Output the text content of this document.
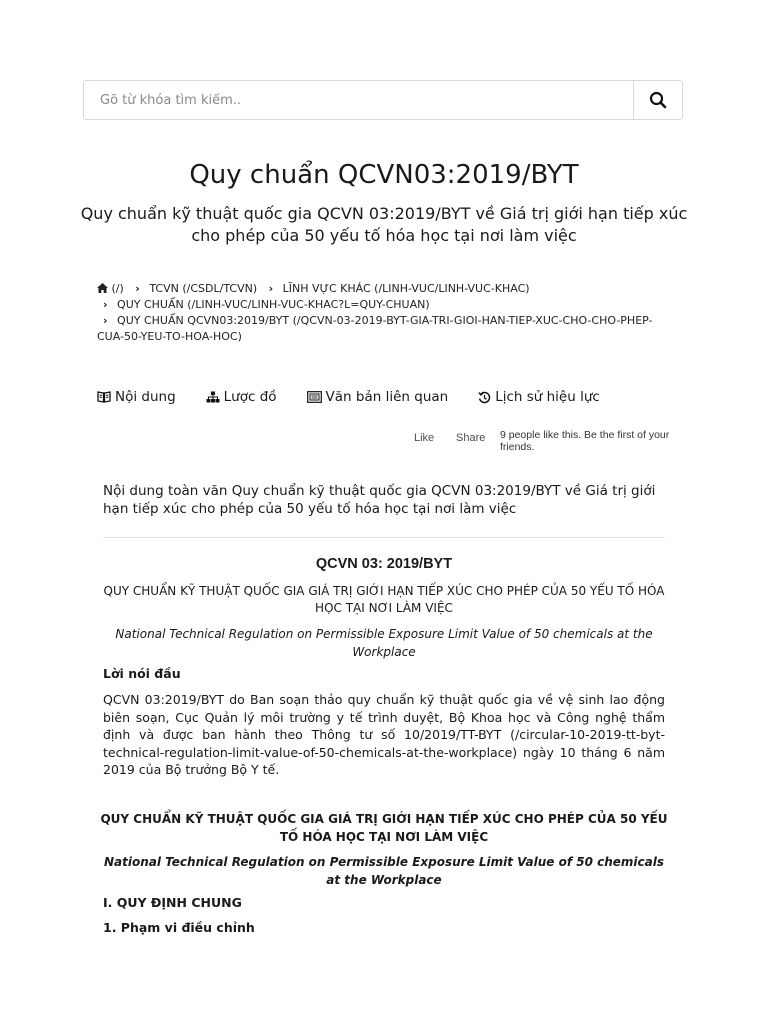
Gõ từ khóa tìm kiếm..
Quy chuẩn QCVN03:2019/BYT
Quy chuẩn kỹ thuật quốc gia QCVN 03:2019/BYT về Giá trị giới hạn tiếp xúc cho phép của 50 yếu tố hóa học tại nơi làm việc
(/) › TCVN (/CSDL/TCVN) › LĨNH VỰC KHÁC (/LINH-VUC/LINH-VUC-KHAC)
› QUY CHUẨN (/LINH-VUC/LINH-VUC-KHAC?L=QUY-CHUAN)
› QUY CHUẨN QCVN03:2019/BYT (/QCVN-03-2019-BYT-GIA-TRI-GIOI-HAN-TIEP-XUC-CHO-CHO-PHEP-CUA-50-YEU-TO-HOA-HOC)
Nội dung	Lược đồ	Văn bản liên quan	Lịch sử hiệu lực
Like Share 9 people like this. Be the first of your friends.
Nội dung toàn văn Quy chuẩn kỹ thuật quốc gia QCVN 03:2019/BYT về Giá trị giới hạn tiếp xúc cho phép của 50 yếu tố hóa học tại nơi làm việc
QCVN 03: 2019/BYT
QUY CHUẨN KỸ THUẬT QUỐC GIA GIÁ TRỊ GIỚI HẠN TIẾP XÚC CHO PHÉP CỦA 50 YẾU TỐ HÓA HỌC TẠI NƠI LÀM VIỆC
National Technical Regulation on Permissible Exposure Limit Value of 50 chemicals at the Workplace
Lời nói đầu
QCVN 03:2019/BYT do Ban soạn thảo quy chuẩn kỹ thuật quốc gia về vệ sinh lao động biên soạn, Cục Quản lý môi trường y tế trình duyệt, Bộ Khoa học và Công nghệ thẩm định và được ban hành theo Thông tư số 10/2019/TT-BYT (/circular-10-2019-tt-byt-technical-regulation-limit-value-of-50-chemicals-at-the-workplace) ngày 10 tháng 6 năm 2019 của Bộ trưởng Bộ Y tế.
QUY CHUẨN KỸ THUẬT QUỐC GIA GIÁ TRỊ GIỚI HẠN TIẾP XÚC CHO PHÉP CỦA 50 YẾU TỐ HÓA HỌC TẠI NƠI LÀM VIỆC
National Technical Regulation on Permissible Exposure Limit Value of 50 chemicals at the Workplace
I. QUY ĐỊNH CHUNG
1. Phạm vi điều chỉnh
